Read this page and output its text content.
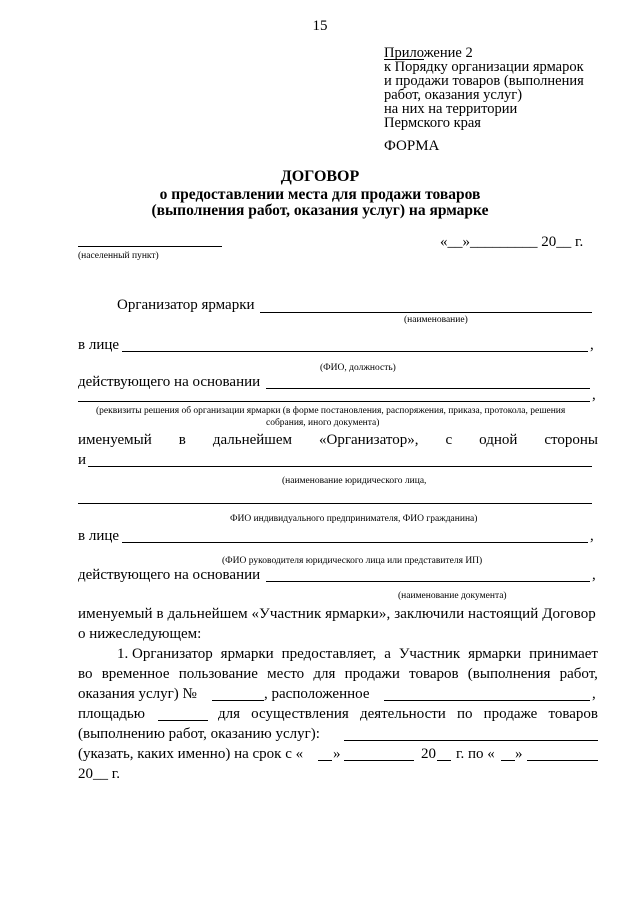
15
Приложение 2
к Порядку организации ярмарок
и продажи товаров (выполнения
работ, оказания услуг)
на них на территории
Пермского края
ФОРМА
ДОГОВОР
о предоставлении места для продажи товаров
(выполнения работ, оказания услуг) на ярмарке
(населенный пункт)
«__»_________ 20__ г.
Организатор ярмарки
(наименование)
в лице	,
(ФИО, должность)
действующего на основании
,
(реквизиты решения об организации ярмарки (в форме постановления, распоряжения, приказа, протокола, решения
собрания, иного документа)
именуемый в дальнейшем «Организатор», с одной стороны
и
(наименование юридического лица,
ФИО индивидуального предпринимателя, ФИО гражданина)
в лице	,
(ФИО руководителя юридического лица или представителя ИП)
действующего на основании	,
(наименование документа)
именуемый в дальнейшем «Участник ярмарки», заключили настоящий Договор
о нижеследующем:
1. Организатор ярмарки предоставляет, а Участник ярмарки принимает
во временное пользование место для продажи товаров (выполнения работ,
оказания услуг) №	, расположенное	,
площадью	для осуществления деятельности по продаже товаров
(выполнению работ, оказанию услуг):
(указать, каких именно) на срок с « »	20 г. по « »
20__ г.
